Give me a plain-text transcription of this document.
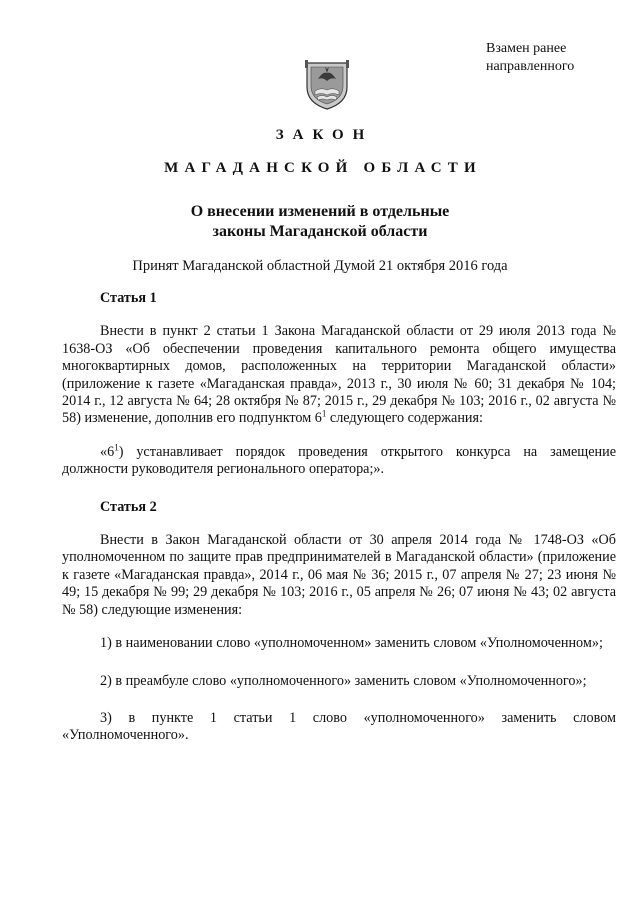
Взамен ранее
направленного
ЗАКОН
МАГАДАНСКОЙ ОБЛАСТИ
О внесении изменений в отдельные
законы Магаданской области
Принят Магаданской областной Думой 21 октября 2016 года

Статья 1

Внести в пункт 2 статьи 1 Закона Магаданской области от 29 июля 2013 года № 1638-ОЗ «Об обеспечении проведения капитального ремонта общего имущества многоквартирных домов, расположенных на территории Магаданской области» (приложение к газете «Магаданская правда», 2013 г., 30 июля № 60; 31 декабря № 104; 2014 г., 12 августа № 64; 28 октября № 87; 2015 г., 29 декабря № 103; 2016 г., 02 августа № 58) изменение, дополнив его подпунктом $6^1$ следующего содержания:

«$6^1$) устанавливает порядок проведения открытого конкурса на замещение должности руководителя регионального оператора;».

Статья 2

Внести в Закон Магаданской области от 30 апреля 2014 года № 1748-ОЗ «Об уполномоченном по защите прав предпринимателей в Магаданской области» (приложение к газете «Магаданская правда», 2014 г., 06 мая № 36; 2015 г., 07 апреля № 27; 23 июня № 49; 15 декабря № 99; 29 декабря № 103; 2016 г., 05 апреля № 26; 07 июня № 43; 02 августа № 58) следующие изменения:

1) в наименовании слово «уполномоченном» заменить словом «Уполномоченном»;

2) в преамбуле слово «уполномоченного» заменить словом «Уполномоченного»;

3) в пункте 1 статьи 1 слово «уполномоченного» заменить словом «Уполномоченного».
